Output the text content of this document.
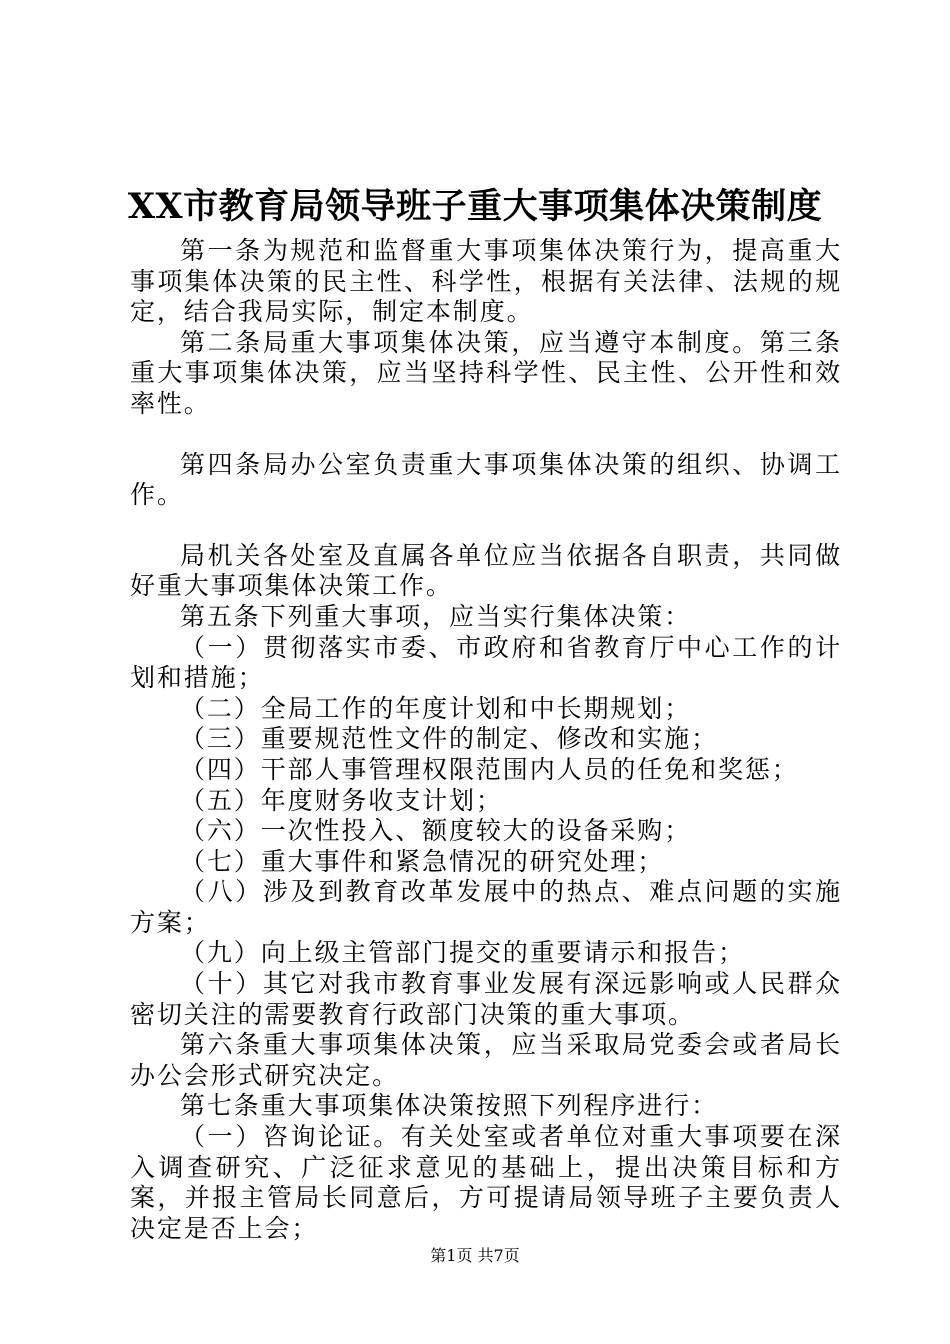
XX市教育局领导班子重大事项集体决策制度

第一条为规范和监督重大事项集体决策行为，提高重大事项集体决策的民主性、科学性，根据有关法律、法规的规定，结合我局实际，制定本制度。

第二条局重大事项集体决策，应当遵守本制度。第三条重大事项集体决策，应当坚持科学性、民主性、公开性和效率性。

第四条局办公室负责重大事项集体决策的组织、协调工作。

局机关各处室及直属各单位应当依据各自职责，共同做好重大事项集体决策工作。

第五条下列重大事项，应当实行集体决策：

（一）贯彻落实市委、市政府和省教育厅中心工作的计划和措施；

（二）全局工作的年度计划和中长期规划；

（三）重要规范性文件的制定、修改和实施；

（四）干部人事管理权限范围内人员的任免和奖惩；

（五）年度财务收支计划；

（六）一次性投入、额度较大的设备采购；

（七）重大事件和紧急情况的研究处理；

（八）涉及到教育改革发展中的热点、难点问题的实施方案；

（九）向上级主管部门提交的重要请示和报告；

（十）其它对我市教育事业发展有深远影响或人民群众密切关注的需要教育行政部门决策的重大事项。

第六条重大事项集体决策，应当采取局党委会或者局长办公会形式研究决定。

第七条重大事项集体决策按照下列程序进行：

（一）咨询论证。有关处室或者单位对重大事项要在深入调查研究、广泛征求意见的基础上，提出决策目标和方案，并报主管局长同意后，方可提请局领导班子主要负责人决定是否上会；

第1页 共7页
